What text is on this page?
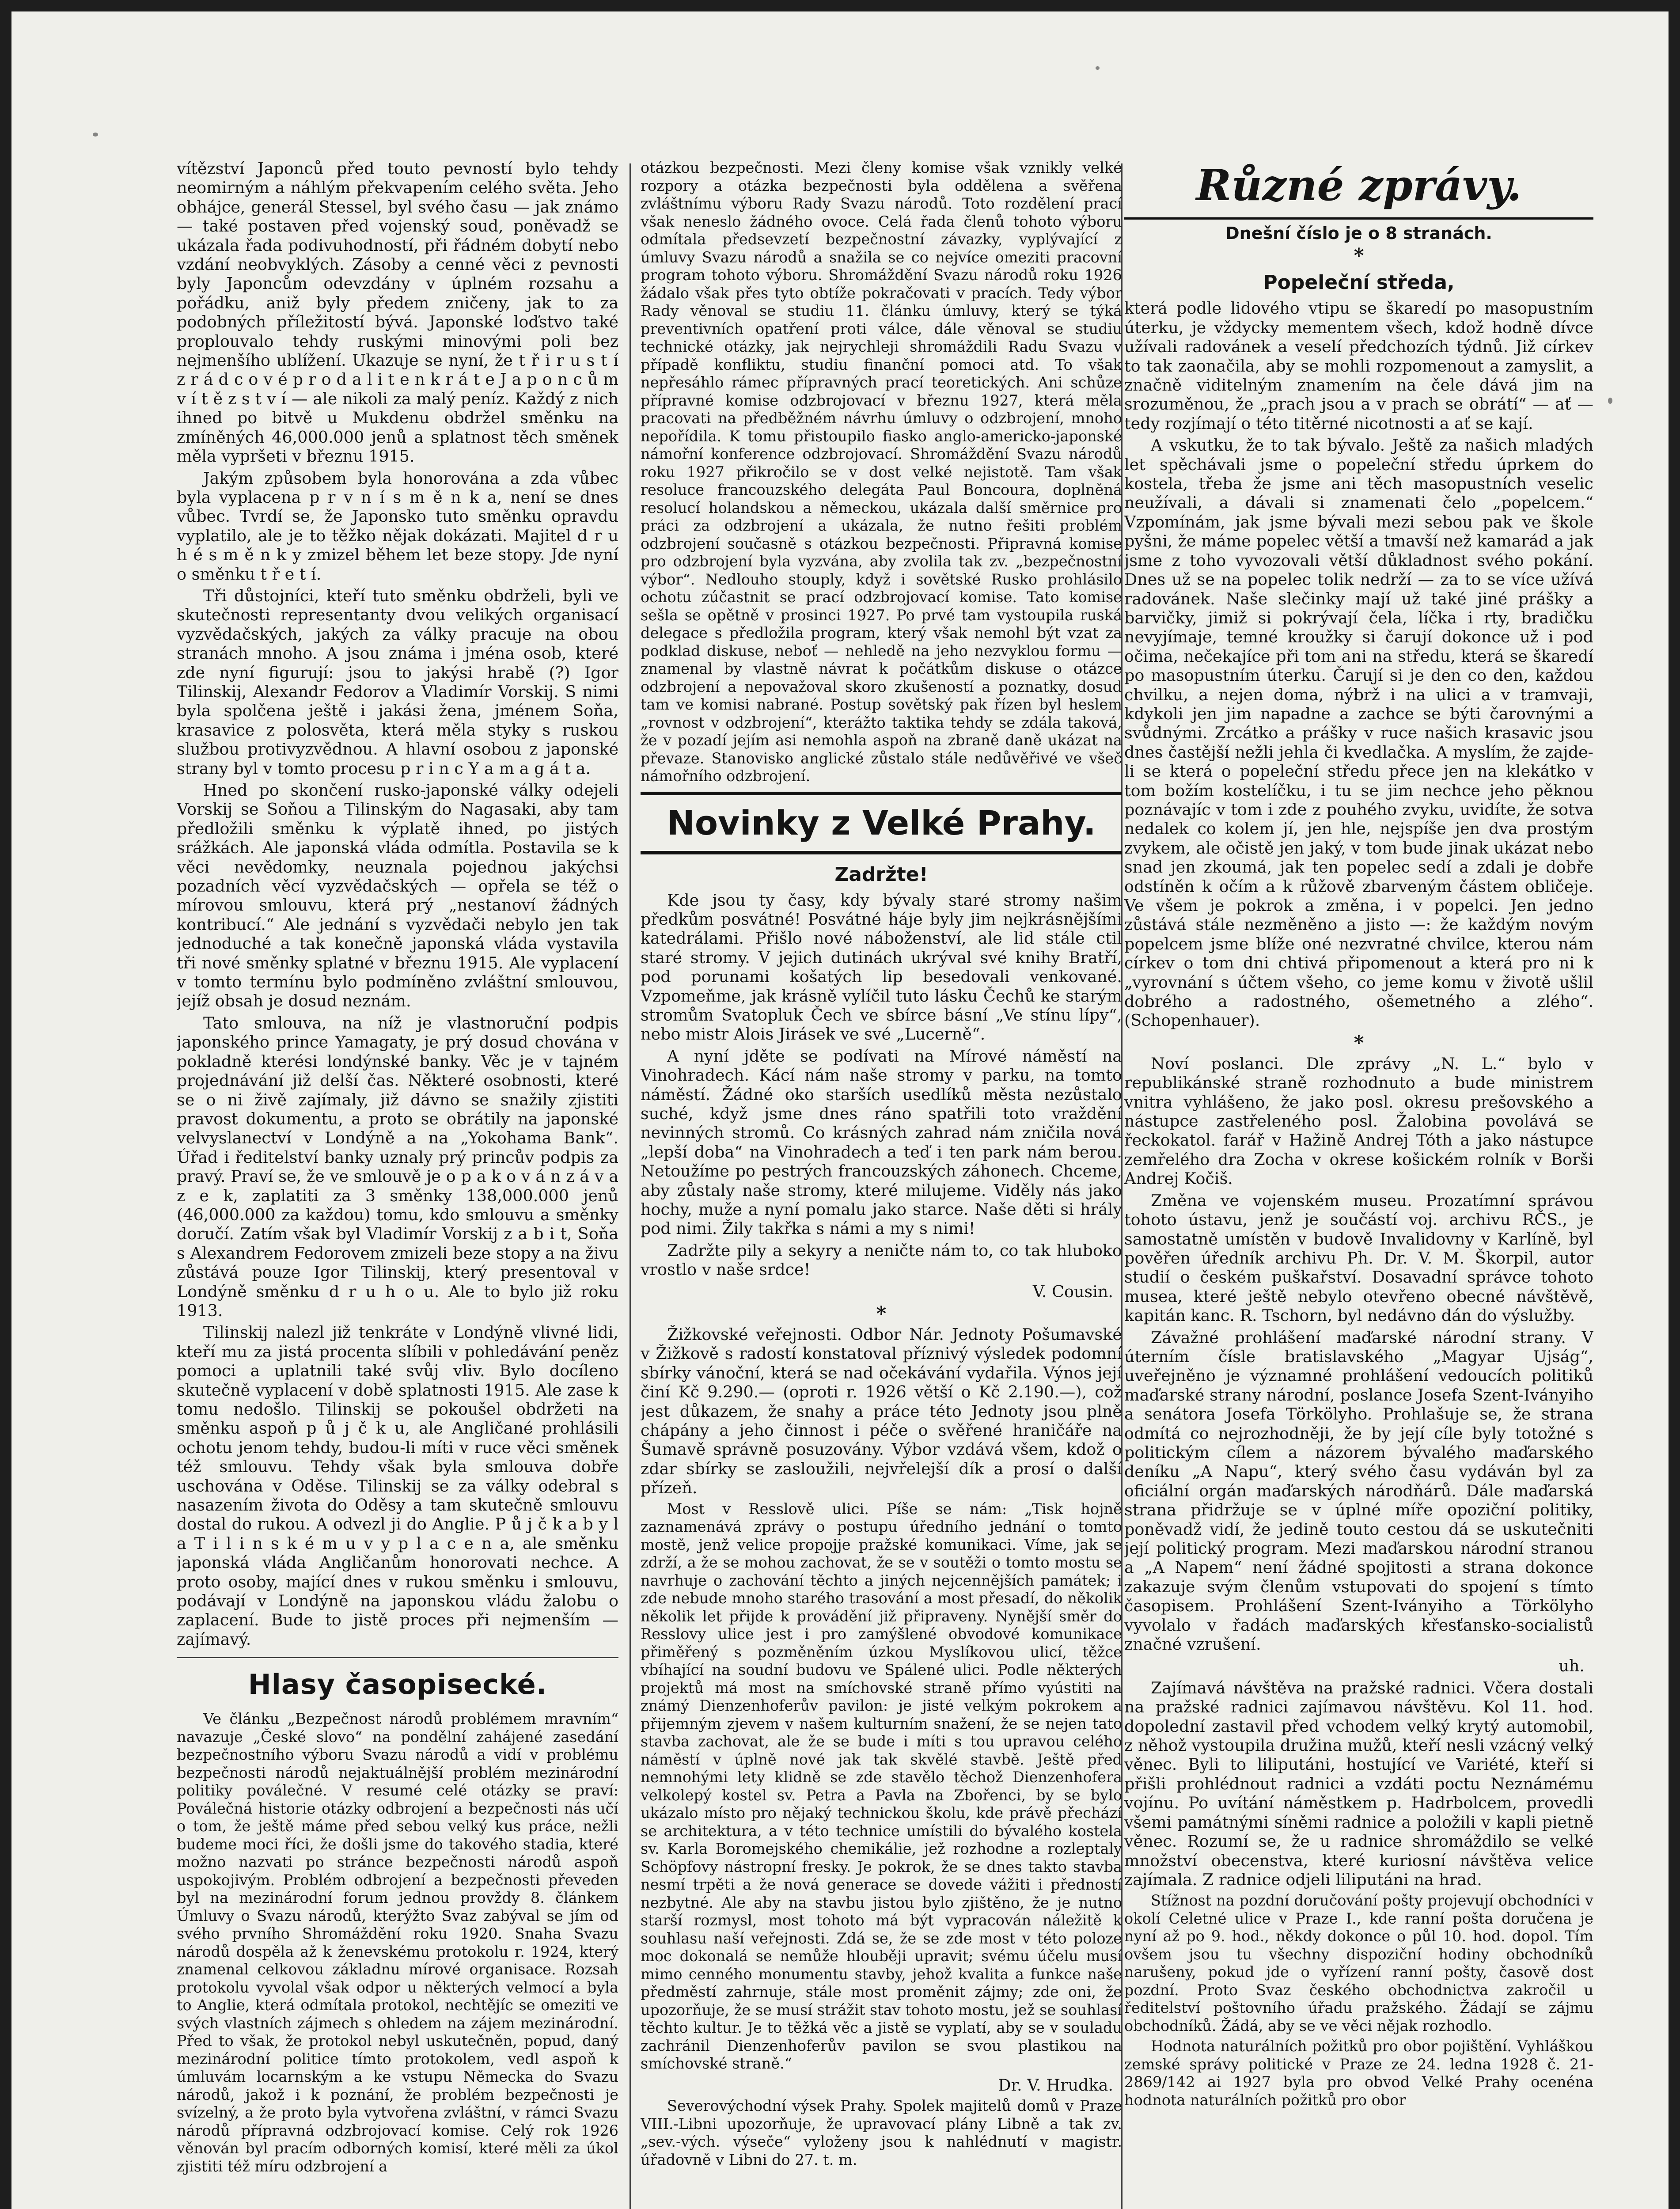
vítězství Japonců před touto pevností bylo tehdy neomirným a náhlým překvapením celého světa. Jeho obhájce, generál Stessel, byl svého času — jak známo — také postaven před vojenský soud, poněvadž se ukázala řada podivuhodností, při řádném dobytí nebo vzdání neobvyklých. Zásoby a cenné věci z pevnosti byly Japoncům odevzdány v úplném rozsahu a pořádku, aniž byly předem zničeny, jak to za podobných příležitostí bývá. Japonské loďstvo také proplouvalo tehdy ruskými minovými poli bez nejmenšího ublížení. Ukazuje se nyní, že t ř i r u s t í z r á d c o v é p r o d a l i t e n k r á t e J a p o n c ů m v í t ě z s t v í — ale nikoli za malý peníz. Každý z nich ihned po bitvě u Mukdenu obdržel směnku na zmíněných 46,000.000 jenů a splatnost těch směnek měla vypršeti v březnu 1915.

Jakým způsobem byla honorována a zda vůbec byla vyplacena p r v n í s m ě n k a, není se dnes vůbec. Tvrdí se, že Japonsko tuto směnku opravdu vyplatilo, ale je to těžko nějak dokázati. Majitel d r u h é s m ě n k y zmizel během let beze stopy. Jde nyní o směnku t ř e t í.

Tři důstojníci, kteří tuto směnku obdrželi, byli ve skutečnosti representanty dvou velikých organisací vyzvědačských, jakých za války pracuje na obou stranách mnoho. A jsou známa i jména osob, které zde nyní figurují: jsou to jakýsi hrabě (?) Igor Tilinskij, Alexandr Fedorov a Vladimír Vorskij. S nimi byla spolčena ještě i jakási žena, jménem Soňa, krasavice z polosvěta, která měla styky s ruskou službou protivyzvědnou. A hlavní osobou z japonské strany byl v tomto procesu p r i n c Y a m a g á t a.

Hned po skončení rusko-japonské války odejeli Vorskij se Soňou a Tilinským do Nagasaki, aby tam předložili směnku k výplatě ihned, po jistých srážkách. Ale japonská vláda odmítla. Postavila se k věci nevědomky, neuznala pojednou jakýchsi pozadních věcí vyzvědačských — opřela se též o mírovou smlouvu, která prý „nestanoví žádných kontribucí.“ Ale jednání s vyzvědači nebylo jen tak jednoduché a tak konečně japonská vláda vystavila tři nové směnky splatné v březnu 1915. Ale vyplacení v tomto termínu bylo podmíněno zvláštní smlouvou, jejíž obsah je dosud neznám.

Tato smlouva, na níž je vlastnoruční podpis japonského prince Yamagaty, je prý dosud chována v pokladně kterési londýnské banky. Věc je v tajném projednávání již delší čas. Některé osobnosti, které se o ni živě zajímaly, již dávno se snažily zjistiti pravost dokumentu, a proto se obrátily na japonské velvyslanectví v Londýně a na „Yokohama Bank“. Úřad i ředitelství banky uznaly prý princův podpis za pravý. Praví se, že ve smlouvě je o p a k o v á n z á v a z e k, zaplatiti za 3 směnky 138,000.000 jenů (46,000.000 za každou) tomu, kdo smlouvu a směnky doručí. Zatím však byl Vladimír Vorskij z a b i t, Soňa s Alexandrem Fedorovem zmizeli beze stopy a na živu zůstává pouze Igor Tilinskij, který presentoval v Londýně směnku d r u h o u. Ale to bylo již roku 1913.

Tilinskij nalezl již tenkráte v Londýně vlivné lidi, kteří mu za jistá procenta slíbili v pohledávání peněz pomoci a uplatnili také svůj vliv. Bylo docíleno skutečně vyplacení v době splatnosti 1915. Ale zase k tomu nedošlo. Tilinskij se pokoušel obdržeti na směnku aspoň p ů j č k u, ale Angličané prohlásili ochotu jenom tehdy, budou-li míti v ruce věci směnek též smlouvu. Tehdy však byla smlouva dobře uschována v Oděse. Tilinskij se za války odebral s nasazením života do Oděsy a tam skutečně smlouvu dostal do rukou. A odvezl ji do Anglie. P ů j č k a b y l a T i l i n s k é m u v y p l a c e n a, ale směnku japonská vláda Angličanům honorovati nechce. A proto osoby, mající dnes v rukou směnku i smlouvu, podávají v Londýně na japonskou vládu žalobu o zaplacení. Bude to jistě proces při nejmenším — zajímavý.

Hlasy časopisecké.

Ve článku „Bezpečnost národů problémem mravním“ navazuje „České slovo“ na pondělní zahájené zasedání bezpečnostního výboru Svazu národů a vidí v problému bezpečnosti národů nejaktuálnější problém mezinárodní politiky poválečné. V resumé celé otázky se praví: Poválečná historie otázky odbrojení a bezpečnosti nás učí o tom, že ještě máme před sebou velký kus práce, nežli budeme moci říci, že došli jsme do takového stadia, které možno nazvati po stránce bezpečnosti národů aspoň uspokojivým. Problém odbrojení a bezpečnosti převeden byl na mezinárodní forum jednou provždy 8. článkem Úmluvy o Svazu národů, kterýžto Svaz zabýval se jím od svého prvního Shromáždění roku 1920. Snaha Svazu národů dospěla až k ženevskému protokolu r. 1924, který znamenal celkovou základnu mírové organisace. Rozsah protokolu vyvolal však odpor u některých velmocí a byla to Anglie, která odmítala protokol, nechtějíc se omeziti ve svých vlastních zájmech s ohledem na zájem mezinárodní. Před to však, že protokol nebyl uskutečněn, popud, daný mezinárodní politice tímto protokolem, vedl aspoň k úmluvám locarnským a ke vstupu Německa do Svazu národů, jakož i k poznání, že problém bezpečnosti je svízelný, a že proto byla vytvořena zvláštní, v rámci Svazu národů přípravná odzbrojovací komise. Celý rok 1926 věnován byl pracím odborných komisí, které měli za úkol zjistiti též míru odzbrojení a

otázkou bezpečnosti. Mezi členy komise však vznikly velké rozpory a otázka bezpečnosti byla oddělena a svěřena zvláštnímu výboru Rady Svazu národů. Toto rozdělení prací však neneslo žádného ovoce. Celá řada členů tohoto výboru odmítala předsevzetí bezpečnostní závazky, vyplývající z úmluvy Svazu národů a snažila se co nejvíce omeziti pracovní program tohoto výboru. Shromáždění Svazu národů roku 1926 žádalo však přes tyto obtíže pokračovati v pracích. Tedy výbor Rady věnoval se studiu 11. článku úmluvy, který se týká preventivních opatření proti válce, dále věnoval se studiu technické otázky, jak nejrychleji shromáždili Radu Svazu v případě konfliktu, studiu finanční pomoci atd. To však nepřesáhlo rámec přípravných prací teoretických. Ani schůze přípravné komise odzbrojovací v březnu 1927, která měla pracovati na předběžném návrhu úmluvy o odzbrojení, mnoho nepořídila. K tomu přistoupilo fiasko anglo-americko-japonské námořní konference odzbrojovací. Shromáždění Svazu národů roku 1927 přikročilo se v dost velké nejistotě. Tam však resoluce francouzského delegáta Paul Boncoura, doplněná resolucí holandskou a německou, ukázala další směrnice pro práci za odzbrojení a ukázala, že nutno řešiti problém odzbrojení současně s otázkou bezpečnosti. Připravná komise pro odzbrojení byla vyzvána, aby zvolila tak zv. „bezpečnostní výbor“. Nedlouho stouply, když i sovětské Rusko prohlásilo ochotu zúčastnit se prací odzbrojovací komise. Tato komise sešla se opětně v prosinci 1927. Po prvé tam vystoupila ruská delegace s předložila program, který však nemohl být vzat za podklad diskuse, neboť — nehledě na jeho nezvyklou formu — znamenal by vlastně návrat k počátkům diskuse o otázce odzbrojení a nepovažoval skoro zkušeností a poznatky, dosud tam ve komisi nabrané. Postup sovětský pak řízen byl heslem „rovnost v odzbrojení“, kterážto taktika tehdy se zdála taková, že v pozadí jejím asi nemohla aspoň na zbraně daně ukázat na převaze. Stanovisko anglické zůstalo stále nedůvěřivé ve všeč námořního odzbrojení.

Novinky z Velké Prahy.
Zadržte!

Kde jsou ty časy, kdy bývaly staré stromy našim předkům posvátné! Posvátné háje byly jim nejkrásnějšími katedrálami. Přišlo nové náboženství, ale lid stále ctil staré stromy. V jejich dutinách ukrýval své knihy Bratří, pod porunami košatých lip besedovali venkované. Vzpomeňme, jak krásně vylíčil tuto lásku Čechů ke starým stromům Svatopluk Čech ve sbírce básní „Ve stínu lípy“, nebo mistr Alois Jirásek ve své „Lucerně“.

A nyní jděte se podívati na Mírové náměstí na Vinohradech. Kácí nám naše stromy v parku, na tomto náměstí. Žádné oko starších usedlíků města nezůstalo suché, když jsme dnes ráno spatřili toto vraždění nevinných stromů. Co krásných zahrad nám zničila nová „lepší doba“ na Vinohradech a teď i ten park nám berou. Netoužíme po pestrých francouzských záhonech. Chceme, aby zůstaly naše stromy, které milujeme. Viděly nás jako hochy, muže a nyní pomalu jako starce. Naše děti si hrály pod nimi. Žily takřka s námi a my s nimi!

Zadržte pily a sekyry a neničte nám to, co tak hluboko vrostlo v naše srdce!

V. Cousin.
*

Žižkovské veřejnosti. Odbor Nár. Jednoty Pošumavské v Žižkově s radostí konstatoval příznivý výsledek podomní sbírky vánoční, která se nad očekávání vydařila. Výnos její činí Kč 9.290.— (oproti r. 1926 větší o Kč 2.190.—), což jest důkazem, že snahy a práce této Jednoty jsou plně chápány a jeho činnost i péče o svěřené hraničáře na Šumavě správně posuzovány. Výbor vzdává všem, kdož o zdar sbírky se zasloužili, nejvřelejší dík a prosí o další přízeň.

Most v Resslově ulici. Píše se nám: „Tisk hojně zaznamenává zprávy o postupu úředního jednání o tomto mostě, jenž velice propojje pražské komunikaci. Víme, jak se zdrží, a že se mohou zachovat, že se v soutěži o tomto mostu se navrhuje o zachování těchto a jiných nejcennějších památek; i zde nebude mnoho starého trasování a most přesadí, do několik několik let přijde k provádění již připraveny. Nynější směr do Resslovy ulice jest i pro zamýšlené obvodové komunikace přiměřený s pozměněním úzkou Myslíkovou ulicí, těžce vbíhající na soudní budovu ve Spálené ulici. Podle některých projektů má most na smíchovské straně přímo vyústiti na známý Dienzenhoferův pavilon: je jisté velkým pokrokem a přijemným zjevem v našem kulturním snažení, že se nejen tato stavba zachovat, ale že se bude i míti s tou upravou celého náměstí v úplně nové jak tak skvělé stavbě. Ještě před nemnohými lety klidně se zde stavělo těchož Dienzenhofera velkolepý kostel sv. Petra a Pavla na Zbořenci, by se bylo ukázalo místo pro nějaký technickou školu, kde právě přechází se architektura, a v této technice umístili do bývalého kostela sv. Karla Boromejského chemikálie, jež rozhodne a rozleptaly Schöpfovy nástropní fresky. Je pokrok, že se dnes takto stavba nesmí trpěti a že nová generace se dovede vážiti i předností nezbytné. Ale aby na stavbu jistou bylo zjištěno, že je nutno starší rozmysl, most tohoto má být vypracován náležitě k souhlasu naší veřejnosti. Zdá se, že se zde most v této poloze moc dokonalá se nemůže hlouběji upravit; svému účelu musí mimo cenného monumentu stavby, jehož kvalita a funkce naše předměstí zahrnuje, stále most proměnit zájmy; zde oni, že upozorňuje, že se musí strážit stav tohoto mostu, jež se souhlasí těchto kultur. Je to těžká věc a jistě se vyplatí, aby se v souladu zachránil Dienzenhoferův pavilon se svou plastikou na smíchovské straně.“

Dr. V. Hrudka.

Severovýchodní výsek Prahy. Spolek majitelů domů v Praze VIII.-Libni upozorňuje, že upravovací plány Libně a tak zv. „sev.-vých. výseče“ vyloženy jsou k nahlédnutí v magistr. úřadovně v Libni do 27. t. m.

Různé zprávy.
Dnešní číslo je o 8 stranách.
*
Popeleční středa,

která podle lidového vtipu se škaredí po masopustním úterku, je vždycky mementem všech, kdož hodně dívce užívali radovánek a veselí předchozích týdnů. Již církev to tak zaonačila, aby se mohli rozpomenout a zamyslit, a značně viditelným znamením na čele dává jim na srozuměnou, že „prach jsou a v prach se obrátí“ — ať — tedy rozjímají o této titěrné nicotnosti a ať se kají.

A vskutku, že to tak bývalo. Ještě za našich mladých let spěchávali jsme o popeleční středu úprkem do kostela, třeba že jsme ani těch masopustních veselic neužívali, a dávali si znamenati čelo „popelcem.“ Vzpomínám, jak jsme bývali mezi sebou pak ve škole pyšni, že máme popelec větší a tmavší než kamarád a jak jsme z toho vyvozovali větší důkladnost svého pokání. Dnes už se na popelec tolik nedrží — za to se více užívá radovánek. Naše slečinky mají už také jiné prášky a barvičky, jimiž si pokrývají čela, líčka i rty, bradičku nevyjímaje, temné kroužky si čarují dokonce už i pod očima, nečekajíce při tom ani na středu, která se škaredí po masopustním úterku. Čarují si je den co den, každou chvilku, a nejen doma, nýbrž i na ulici a v tramvaji, kdykoli jen jim napadne a zachce se býti čarovnými a svůdnými. Zrcátko a prášky v ruce našich krasavic jsou dnes častější nežli jehla či kvedlačka. A myslím, že zajde-li se která o popeleční středu přece jen na klekátko v tom božím kostelíčku, i tu se jim nechce jeho pěknou poznávajíc v tom i zde z pouhého zvyku, uvidíte, že sotva nedalek co kolem jí, jen hle, nejspíše jen dva prostým zvykem, ale očistě jen jaký, v tom bude jinak ukázat nebo snad jen zkoumá, jak ten popelec sedí a zdali je dobře odstíněn k očím a k růžově zbarveným částem obličeje. Ve všem je pokrok a změna, i v popelci. Jen jedno zůstává stále nezměněno a jisto —: že každým novým popelcem jsme blíže oné nezvratné chvilce, kterou nám církev o tom dni chtivá připomenout a která pro ni k „vyrovnání s účtem všeho, co jeme komu v životě ušlil dobrého a radostného, ošemetného a zlého“. (Schopenhauer).

*

Noví poslanci. Dle zprávy „N. L.“ bylo v republikánské straně rozhodnuto a bude ministrem vnitra vyhlášeno, že jako posl. okresu prešovského a nástupce zastřeleného posl. Žalobina povolává se řeckokatol. farář v Hažině Andrej Tóth a jako nástupce zemřelého dra Zocha v okrese košickém rolník v Borši Andrej Kočiš.

Změna ve vojenském museu. Prozatímní správou tohoto ústavu, jenž je součástí voj. archivu RČS., je samostatně umístěn v budově Invalidovny v Karlíně, byl pověřen úředník archivu Ph. Dr. V. M. Škorpil, autor studií o českém puškařství. Dosavadní správce tohoto musea, které ještě nebylo otevřeno obecné návštěvě, kapitán kanc. R. Tschorn, byl nedávno dán do výslužby.

Závažné prohlášení maďarské národní strany. V úterním čísle bratislavského „Magyar Ujság“, uveřejněno je významné prohlášení vedoucích politiků maďarské strany národní, poslance Josefa Szent-Iványiho a senátora Josefa Törkölyho. Prohlašuje se, že strana odmítá co nejrozhodněji, že by její cíle byly totožné s politickým cílem a názorem bývalého maďarského deníku „A Napu“, který svého času vydáván byl za oficiální orgán maďarských národňárů. Dále maďarská strana přidržuje se v úplné míře opoziční politiky, poněvadž vidí, že jedině touto cestou dá se uskutečniti její politický program. Mezi maďarskou národní stranou a „A Napem“ není žádné spojitosti a strana dokonce zakazuje svým členům vstupovati do spojení s tímto časopisem. Prohlášení Szent-Iványiho a Törkölyho vyvolalo v řadách maďarských křesťansko-socialistů značné vzrušení.

uh.

Zajímavá návštěva na pražské radnici. Včera dostali na pražské radnici zajímavou návštěvu. Kol 11. hod. dopolední zastavil před vchodem velký krytý automobil, z něhož vystoupila družina mužů, kteří nesli vzácný velký věnec. Byli to liliputáni, hostující ve Variété, kteří si přišli prohlédnout radnici a vzdáti poctu Neznámému vojínu. Po uvítání náměstkem p. Hadrbolcem, provedli všemi památnými síněmi radnice a položili v kapli pietně věnec. Rozumí se, že u radnice shromáždilo se velké množství obecenstva, které kuriosní návštěva velice zajímala. Z radnice odjeli liliputáni na hrad.

Stížnost na pozdní doručování pošty projevují obchodníci v okolí Celetné ulice v Praze I., kde ranní pošta doručena je nyní až po 9. hod., někdy dokonce o půl 10. hod. dopol. Tím ovšem jsou tu všechny dispoziční hodiny obchodníků narušeny, pokud jde o vyřízení ranní pošty, časově dost pozdní. Proto Svaz českého obchodnictva zakročil u ředitelství poštovního úřadu pražského. Žádají se zájmu obchodníků. Žádá, aby se ve věci nějak rozhodlo.

Hodnota naturálních požitků pro obor pojištění. Vyhláškou zemské správy politické v Praze ze 24. ledna 1928 č. 21-2869/142 ai 1927 byla pro obvod Velké Prahy ocenéna hodnota naturálních požitků pro obor
